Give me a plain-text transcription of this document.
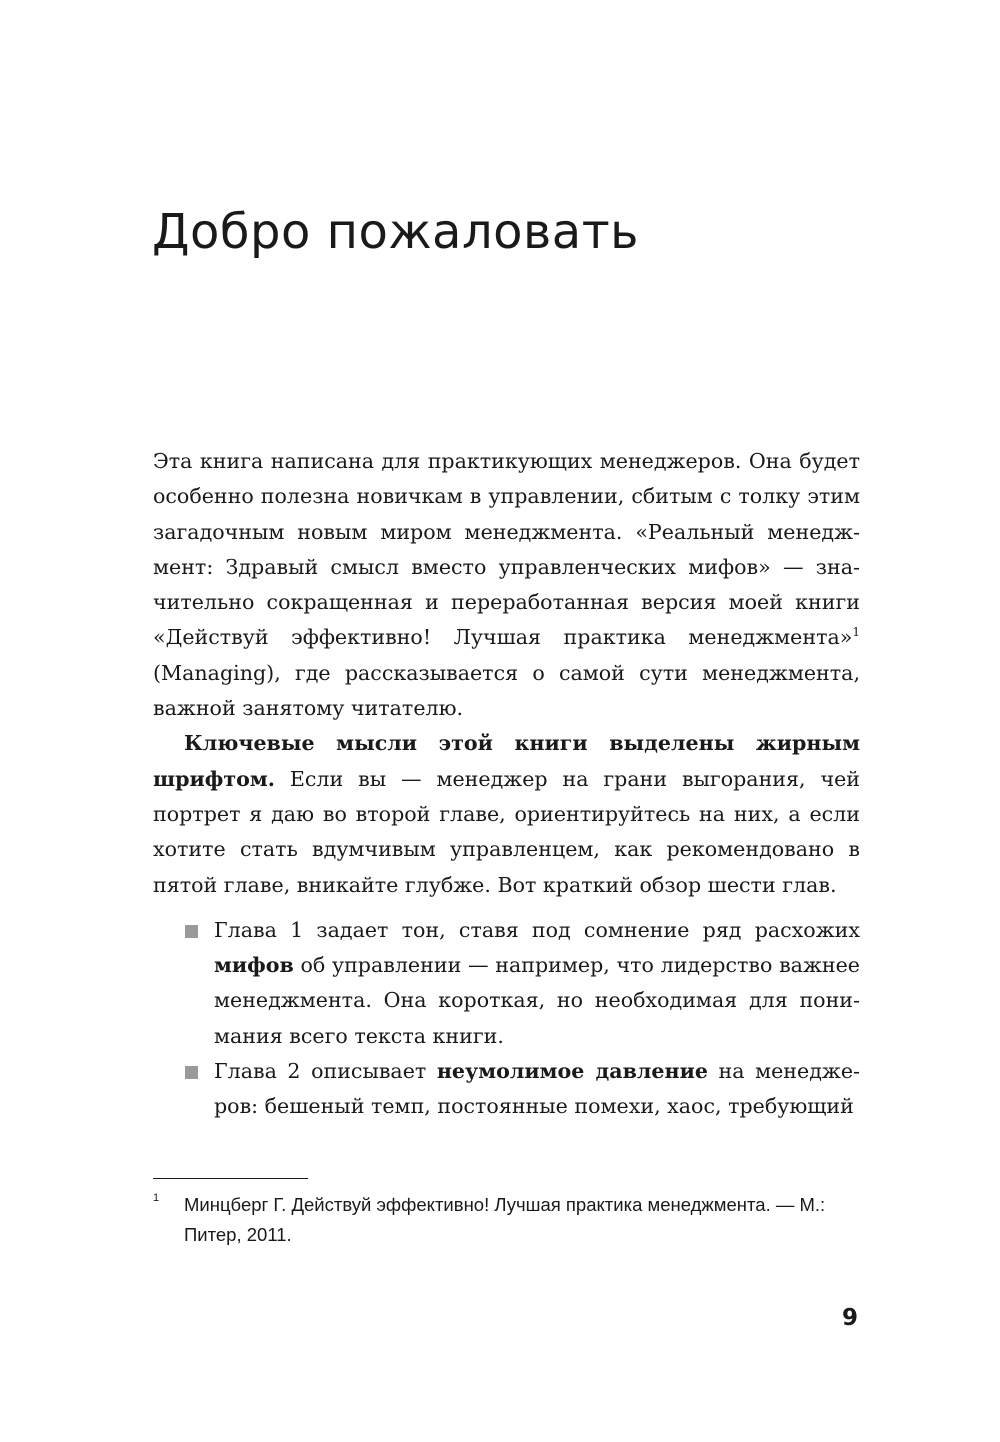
Добро пожаловать

Эта книга написана для практикующих менеджеров. Она будет особенно полезна новичкам в управлении, сбитым с толку этим загадочным новым миром менеджмента. «Реальный менеджмент: Здравый смысл вместо управленческих мифов» — значительно сокращенная и переработанная версия моей книги «Действуй эффективно! Лучшая практика менеджмента»$^1$ (Managing), где рассказывается о самой сути менеджмента, важной занятому читателю.

Ключевые мысли этой книги выделены жирным шрифтом. Если вы — менеджер на грани выгорания, чей портрет я даю во второй главе, ориентируйтесь на них, а если хотите стать вдумчивым управленцем, как рекомендовано в пятой главе, вникайте глубже. Вот краткий обзор шести глав.

Глава 1 задает тон, ставя под сомнение ряд расхожих мифов об управлении — например, что лидерство важнее менеджмента. Она короткая, но необходимая для понимания всего текста книги.
Глава 2 описывает неумолимое давление на менеджеров: бешеный темп, постоянные помехи, хаос, требующий
1 Минцберг Г. Действуй эффективно! Лучшая практика менеджмента. — М.: Питер, 2011.
9
